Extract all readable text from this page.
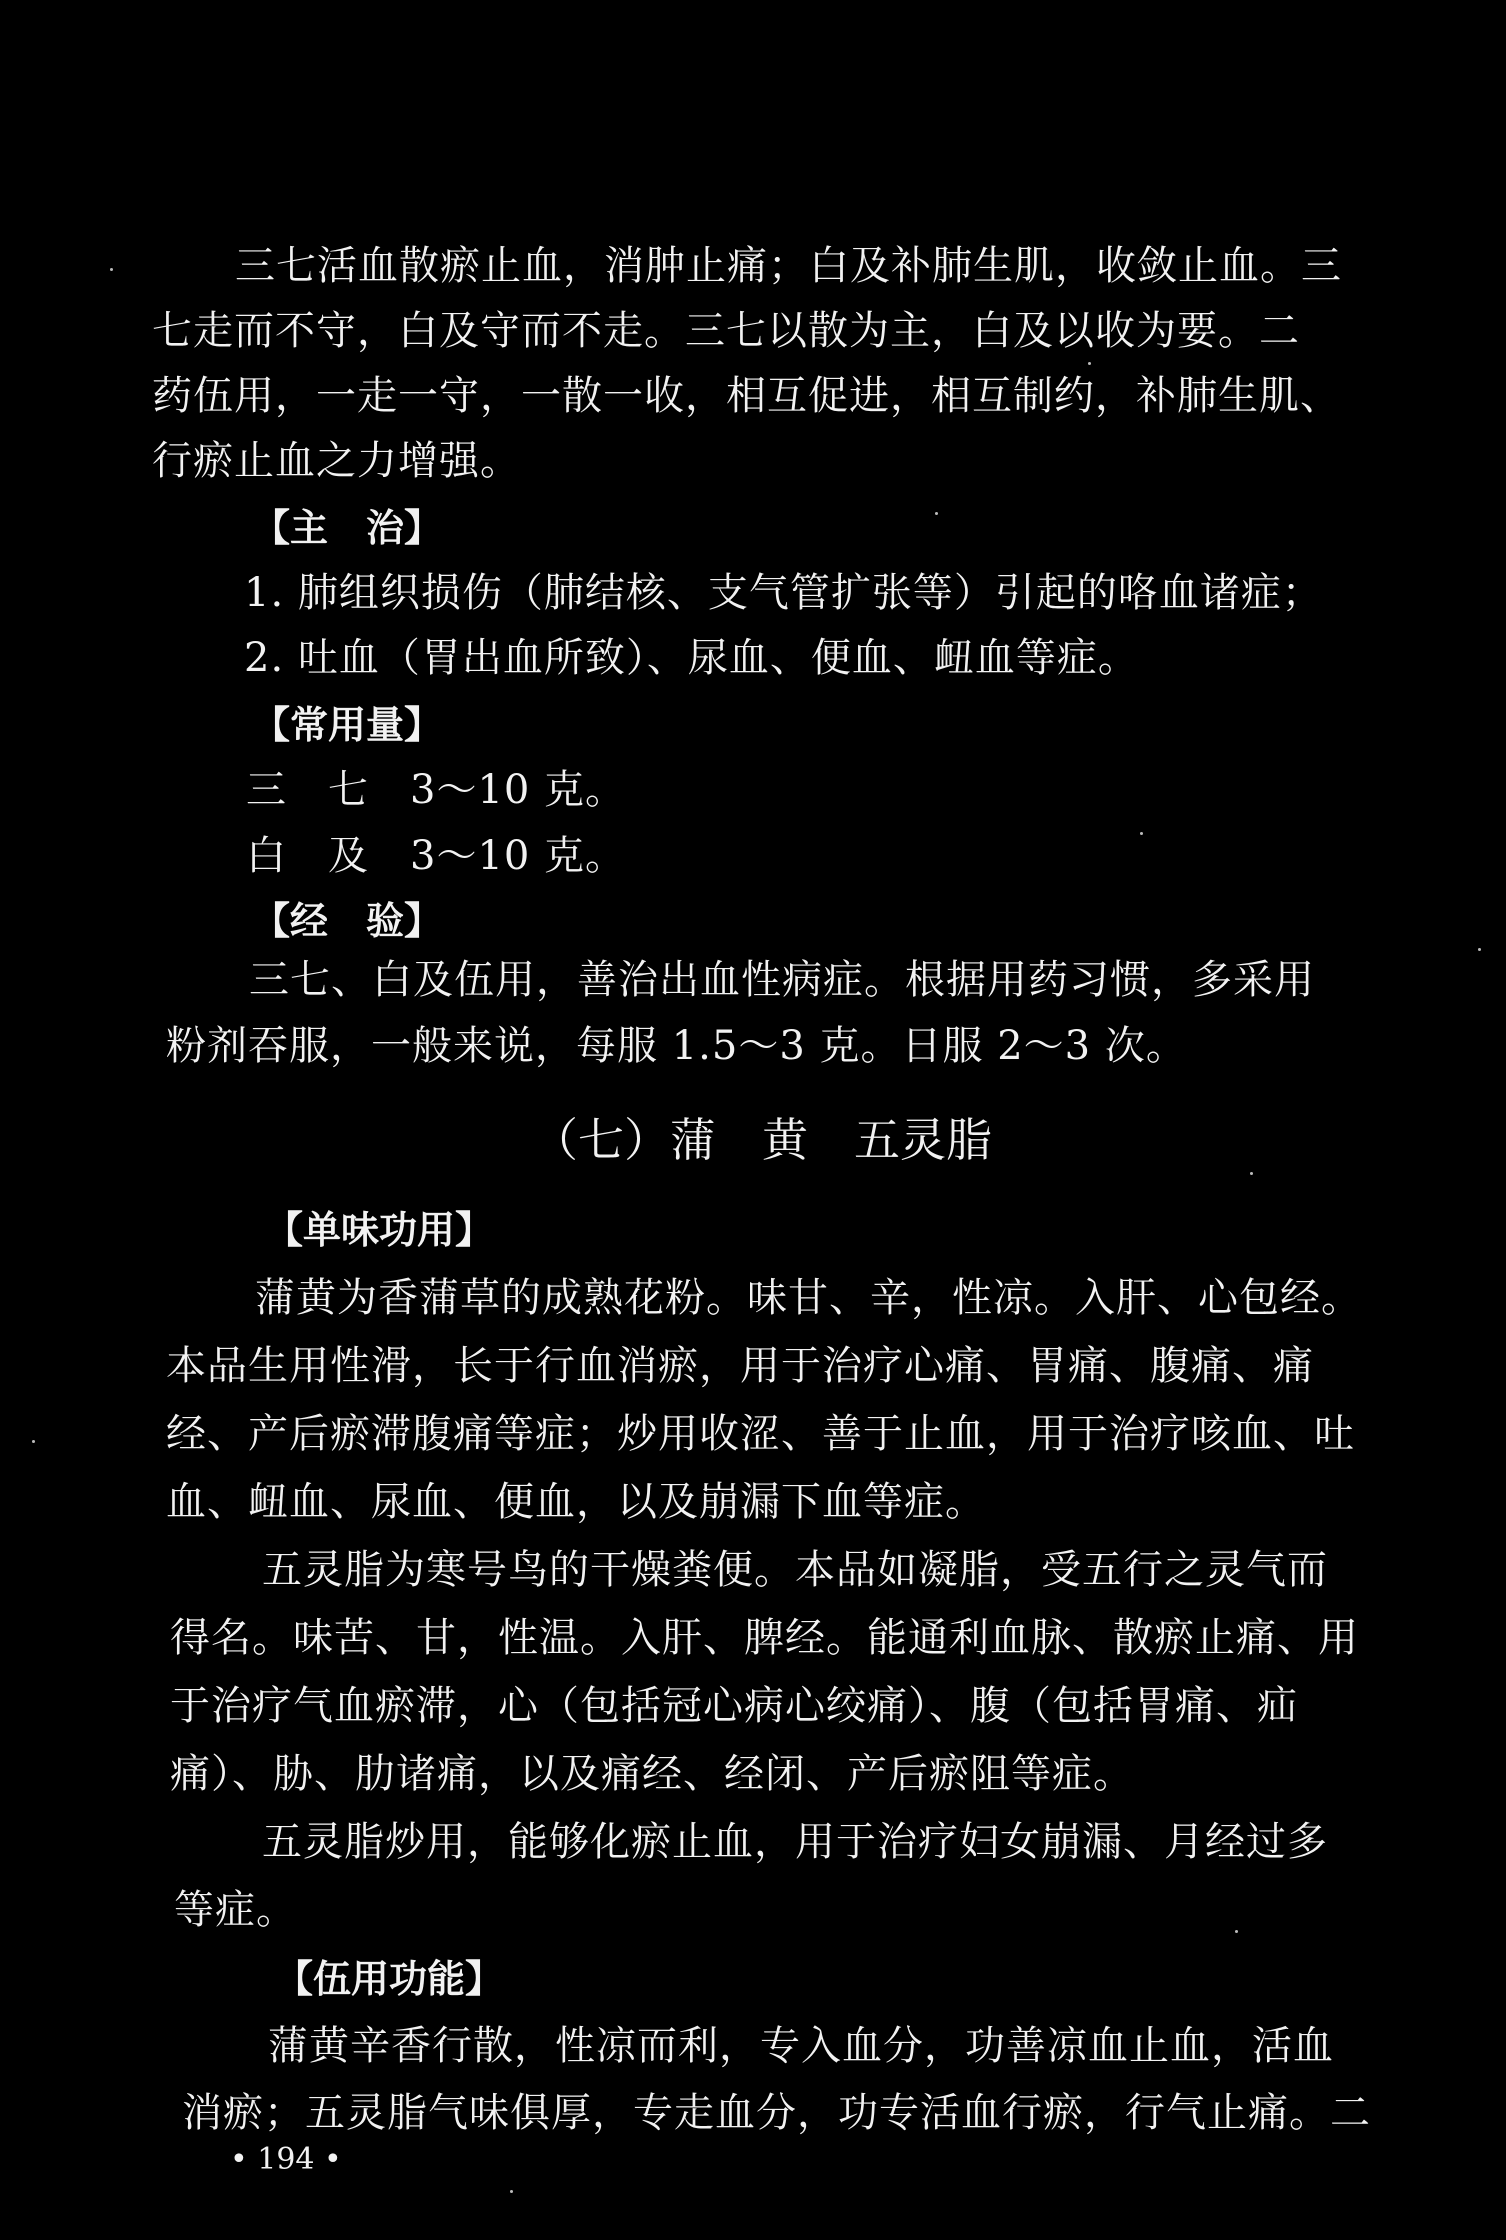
三七活血散瘀止血，消肿止痛；白及补肺生肌，收敛止血。三
七走而不守，白及守而不走。三七以散为主，白及以收为要。二
药伍用，一走一守，一散一收，相互促进，相互制约，补肺生肌、
行瘀止血之力增强。
【主　治】
1. 肺组织损伤（肺结核、支气管扩张等）引起的咯血诸症；
2. 吐血（胃出血所致）、尿血、便血、衄血等症。
【常用量】
三　七　3～10 克。
白　及　3～10 克。
【经　验】
三七、白及伍用，善治出血性病症。根据用药习惯，多采用
粉剂吞服，一般来说，每服 1.5～3 克。日服 2～3 次。
（七）蒲　黄　五灵脂
【单味功用】
蒲黄为香蒲草的成熟花粉。味甘、辛，性凉。入肝、心包经。
本品生用性滑，长于行血消瘀，用于治疗心痛、胃痛、腹痛、痛
经、产后瘀滞腹痛等症；炒用收涩、善于止血，用于治疗咳血、吐
血、衄血、尿血、便血，以及崩漏下血等症。
五灵脂为寒号鸟的干燥粪便。本品如凝脂，受五行之灵气而
得名。味苦、甘，性温。入肝、脾经。能通利血脉、散瘀止痛、用
于治疗气血瘀滞，心（包括冠心病心绞痛）、腹（包括胃痛、疝
痛）、胁、肋诸痛，以及痛经、经闭、产后瘀阻等症。
五灵脂炒用，能够化瘀止血，用于治疗妇女崩漏、月经过多
等症。
【伍用功能】
蒲黄辛香行散，性凉而利，专入血分，功善凉血止血，活血
消瘀；五灵脂气味俱厚，专走血分，功专活血行瘀，行气止痛。二
• 194 •
